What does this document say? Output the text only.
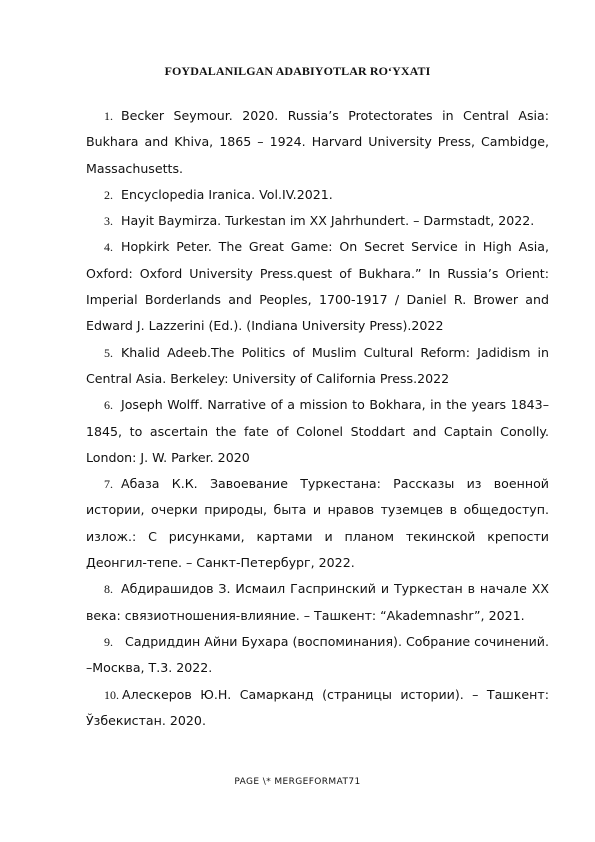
FOYDALANILGAN ADABIYOTLAR RO‘YXATI

1. Becker Seymour. 2020. Russia’s Protectorates in Central Asia: Bukhara and Khiva, 1865 – 1924. Harvard University Press, Cambidge, Massachusetts.

2. Encyclopedia Iranica. Vol.IV.2021.

3. Hayit Baymirza. Turkestan im XX Jahrhundert. – Darmstadt, 2022.

4. Hopkirk Peter. The Great Game: On Secret Service in High Asia, Oxford: Oxford University Press.quest of Bukhara.” In Russia’s Orient: Imperial Borderlands and Peoples, 1700-1917 / Daniel R. Brower and Edward J. Lazzerini (Ed.). (Indiana University Press).2022

5. Khalid Adeeb.The Politics of Muslim Cultural Reform: Jadidism in Central Asia. Berkeley: University of California Press.2022

6. Joseph Wolff. Narrative of a mission to Bokhara, in the years 1843–1845, to ascertain the fate of Colonel Stoddart and Captain Conolly. London: J. W. Parker. 2020

7. Абаза К.К. Завоевание Туркестана: Рассказы из военной истории, очерки природы, быта и нравов туземцев в общедоступ. излож.: С рисунками, картами и планом текинской крепости Деонгил-тепе. – Санкт-Петербург, 2022.

8. Абдирашидов З. Исмаил Гаспринский и Туркестан в начале XX века: связиотношения-влияние. – Ташкент: “Akademnashr”, 2021.

9. Садриддин Айни Бухара (воспоминания). Собрание сочинений. –Москва, Т.3. 2022.

10. Алескеров Ю.Н. Самарканд (страницы истории). – Ташкент: Ўзбекистан. 2020.

PAGE \* MERGEFORMAT71
